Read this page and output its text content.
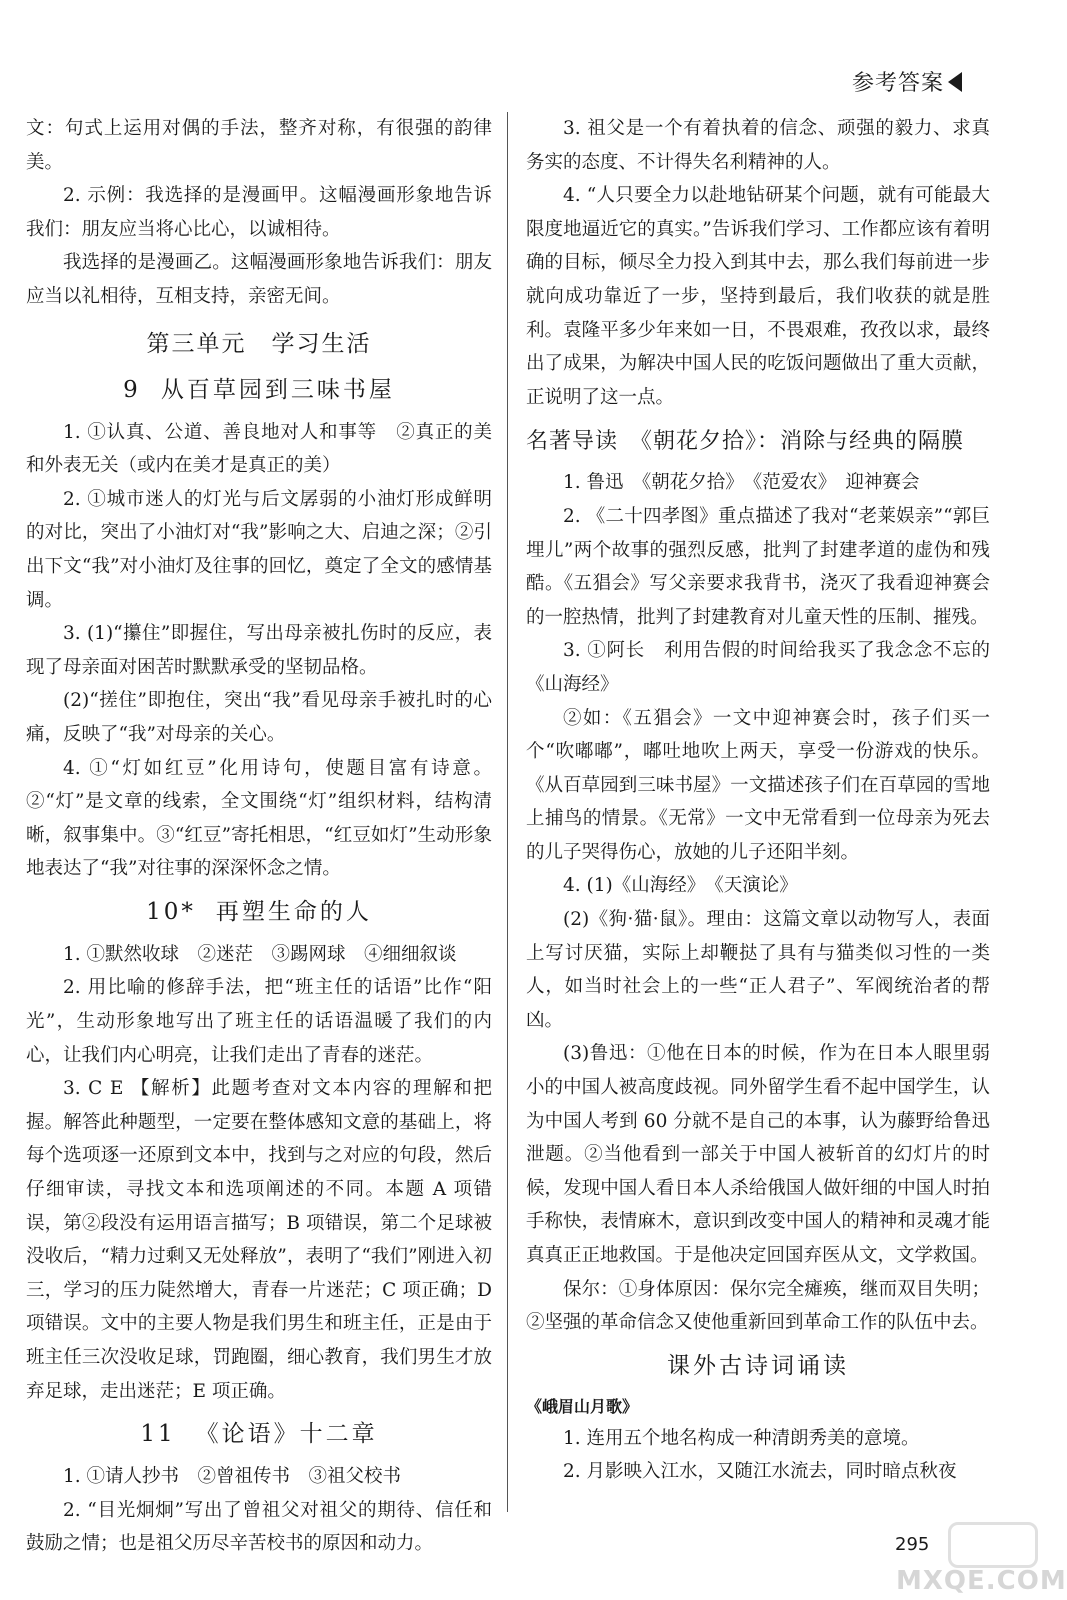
参考答案

文：句式上运用对偶的手法，整齐对称，有很强的韵律美。

2. 示例：我选择的是漫画甲。这幅漫画形象地告诉我们：朋友应当将心比心，以诚相待。

我选择的是漫画乙。这幅漫画形象地告诉我们：朋友应当以礼相待，互相支持，亲密无间。

第三单元　学习生活
9 从百草园到三味书屋

1. ①认真、公道、善良地对人和事等　②真正的美和外表无关（或内在美才是真正的美）

2. ①城市迷人的灯光与后文孱弱的小油灯形成鲜明的对比，突出了小油灯对“我”影响之大、启迪之深；②引出下文“我”对小油灯及往事的回忆，奠定了全文的感情基调。

3. (1)“攥住”即握住，写出母亲被扎伤时的反应，表现了母亲面对困苦时默默承受的坚韧品格。

(2)“搓住”即抱住，突出“我”看见母亲手被扎时的心痛，反映了“我”对母亲的关心。

4. ①“灯如红豆”化用诗句，使题目富有诗意。②“灯”是文章的线索，全文围绕“灯”组织材料，结构清晰，叙事集中。③“红豆”寄托相思，“红豆如灯”生动形象地表达了“我”对往事的深深怀念之情。

10* 再塑生命的人

1. ①默然收球　②迷茫　③踢网球　④细细叙谈

2. 用比喻的修辞手法，把“班主任的话语”比作“阳光”，生动形象地写出了班主任的话语温暖了我们的内心，让我们内心明亮，让我们走出了青春的迷茫。

3. C E 【解析】此题考查对文本内容的理解和把握。解答此种题型，一定要在整体感知文意的基础上，将每个选项逐一还原到文本中，找到与之对应的句段，然后仔细审读，寻找文本和选项阐述的不同。本题 A 项错误，第②段没有运用语言描写；B 项错误，第二个足球被没收后，“精力过剩又无处释放”，表明了“我们”刚进入初三，学习的压力陡然增大，青春一片迷茫；C 项正确；D 项错误。文中的主要人物是我们男生和班主任，正是由于班主任三次没收足球，罚跑圈，细心教育，我们男生才放弃足球，走出迷茫；E 项正确。

11 《论语》十二章

1. ①请人抄书　②曾祖传书　③祖父校书

2. “目光炯炯”写出了曾祖父对祖父的期待、信任和鼓励之情；也是祖父历尽辛苦校书的原因和动力。

3. 祖父是一个有着执着的信念、顽强的毅力、求真务实的态度、不计得失名利精神的人。

4. “人只要全力以赴地钻研某个问题，就有可能最大限度地逼近它的真实。”告诉我们学习、工作都应该有着明确的目标，倾尽全力投入到其中去，那么我们每前进一步就向成功靠近了一步，坚持到最后，我们收获的就是胜利。袁隆平多少年来如一日，不畏艰难，孜孜以求，最终出了成果，为解决中国人民的吃饭问题做出了重大贡献，正说明了这一点。

名著导读　《朝花夕拾》：消除与经典的隔膜

1. 鲁迅　《朝花夕拾》　《范爱农》　迎神赛会

2. 《二十四孝图》重点描述了我对“老莱娱亲”“郭巨埋儿”两个故事的强烈反感，批判了封建孝道的虚伪和残酷。《五猖会》写父亲要求我背书，浇灭了我看迎神赛会的一腔热情，批判了封建教育对儿童天性的压制、摧残。

3. ①阿长　利用告假的时间给我买了我念念不忘的《山海经》

②如：《五猖会》一文中迎神赛会时，孩子们买一个“吹嘟嘟”，嘟吐地吹上两天，享受一份游戏的快乐。《从百草园到三味书屋》一文描述孩子们在百草园的雪地上捕鸟的情景。《无常》一文中无常看到一位母亲为死去的儿子哭得伤心，放她的儿子还阳半刻。

4. (1)《山海经》　《天演论》

(2)《狗·猫·鼠》。理由：这篇文章以动物写人，表面上写讨厌猫，实际上却鞭挞了具有与猫类似习性的一类人，如当时社会上的一些“正人君子”、军阀统治者的帮凶。

(3)鲁迅：①他在日本的时候，作为在日本人眼里弱小的中国人被高度歧视。同外留学生看不起中国学生，认为中国人考到 60 分就不是自己的本事，认为藤野给鲁迅泄题。②当他看到一部关于中国人被斩首的幻灯片的时候，发现中国人看日本人杀给俄国人做奸细的中国人时拍手称快，表情麻木，意识到改变中国人的精神和灵魂才能真真正正地救国。于是他决定回国弃医从文，文学救国。

保尔：①身体原因：保尔完全瘫痪，继而双目失明；②坚强的革命信念又使他重新回到革命工作的队伍中去。

课外古诗词诵读
《峨眉山月歌》

1. 连用五个地名构成一种清朗秀美的意境。

2. 月影映入江水，又随江水流去，同时暗点秋夜

295
MXQE.COM
